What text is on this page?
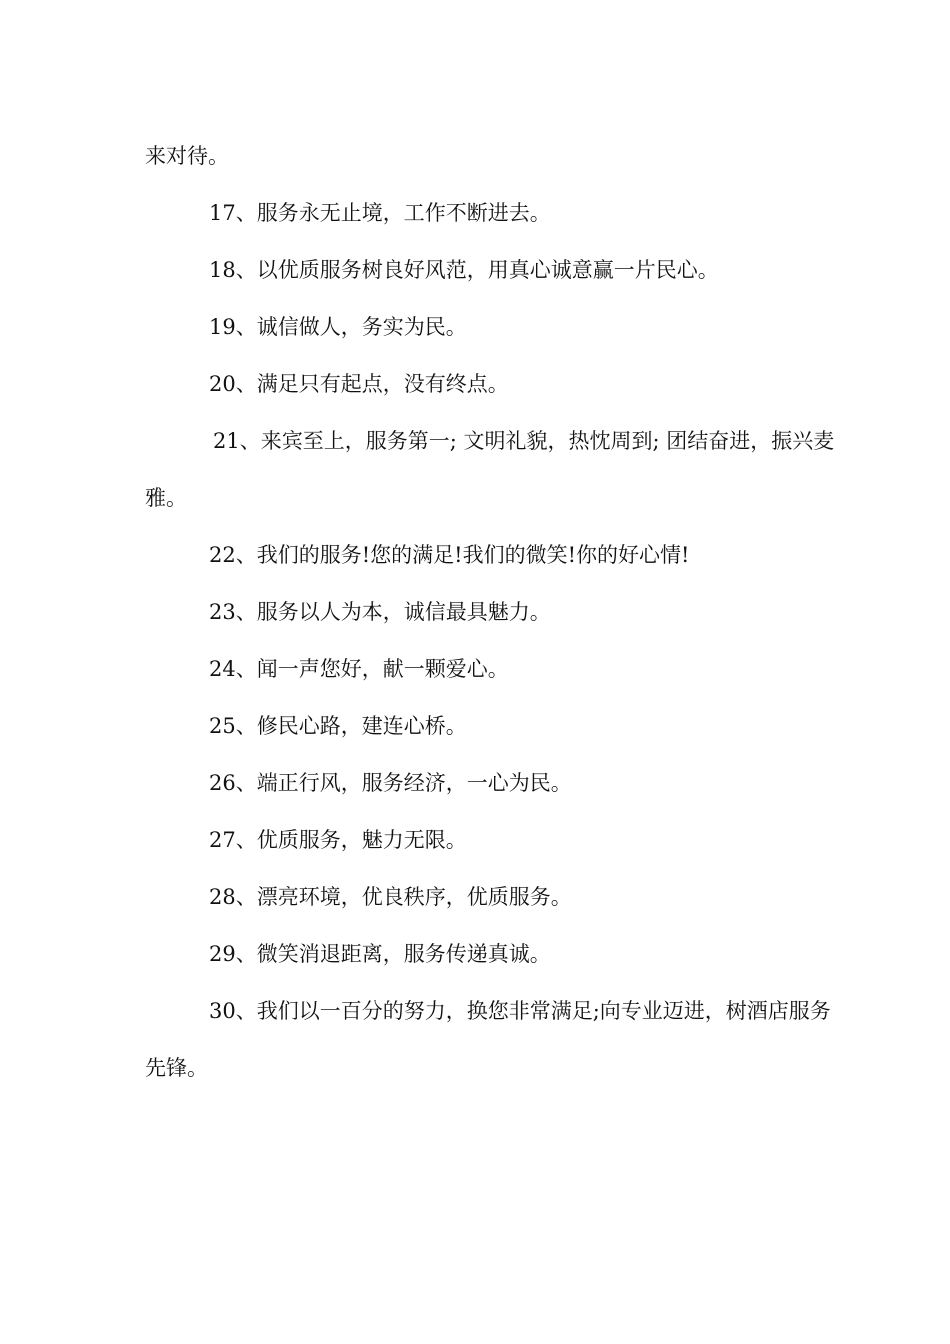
来对待。

17、服务永无止境，工作不断进去。

18、以优质服务树良好风范，用真心诚意赢一片民心。

19、诚信做人，务实为民。

20、满足只有起点，没有终点。

21、来宾至上，服务第一; 文明礼貌，热忱周到; 团结奋进，振兴麦雅。

22、我们的服务!您的满足!我们的微笑!你的好心情!

23、服务以人为本，诚信最具魅力。

24、闻一声您好，献一颗爱心。

25、修民心路，建连心桥。

26、端正行风，服务经济，一心为民。

27、优质服务，魅力无限。

28、漂亮环境，优良秩序，优质服务。

29、微笑消退距离，服务传递真诚。

30、我们以一百分的努力，换您非常满足;向专业迈进，树酒店服务先锋。
